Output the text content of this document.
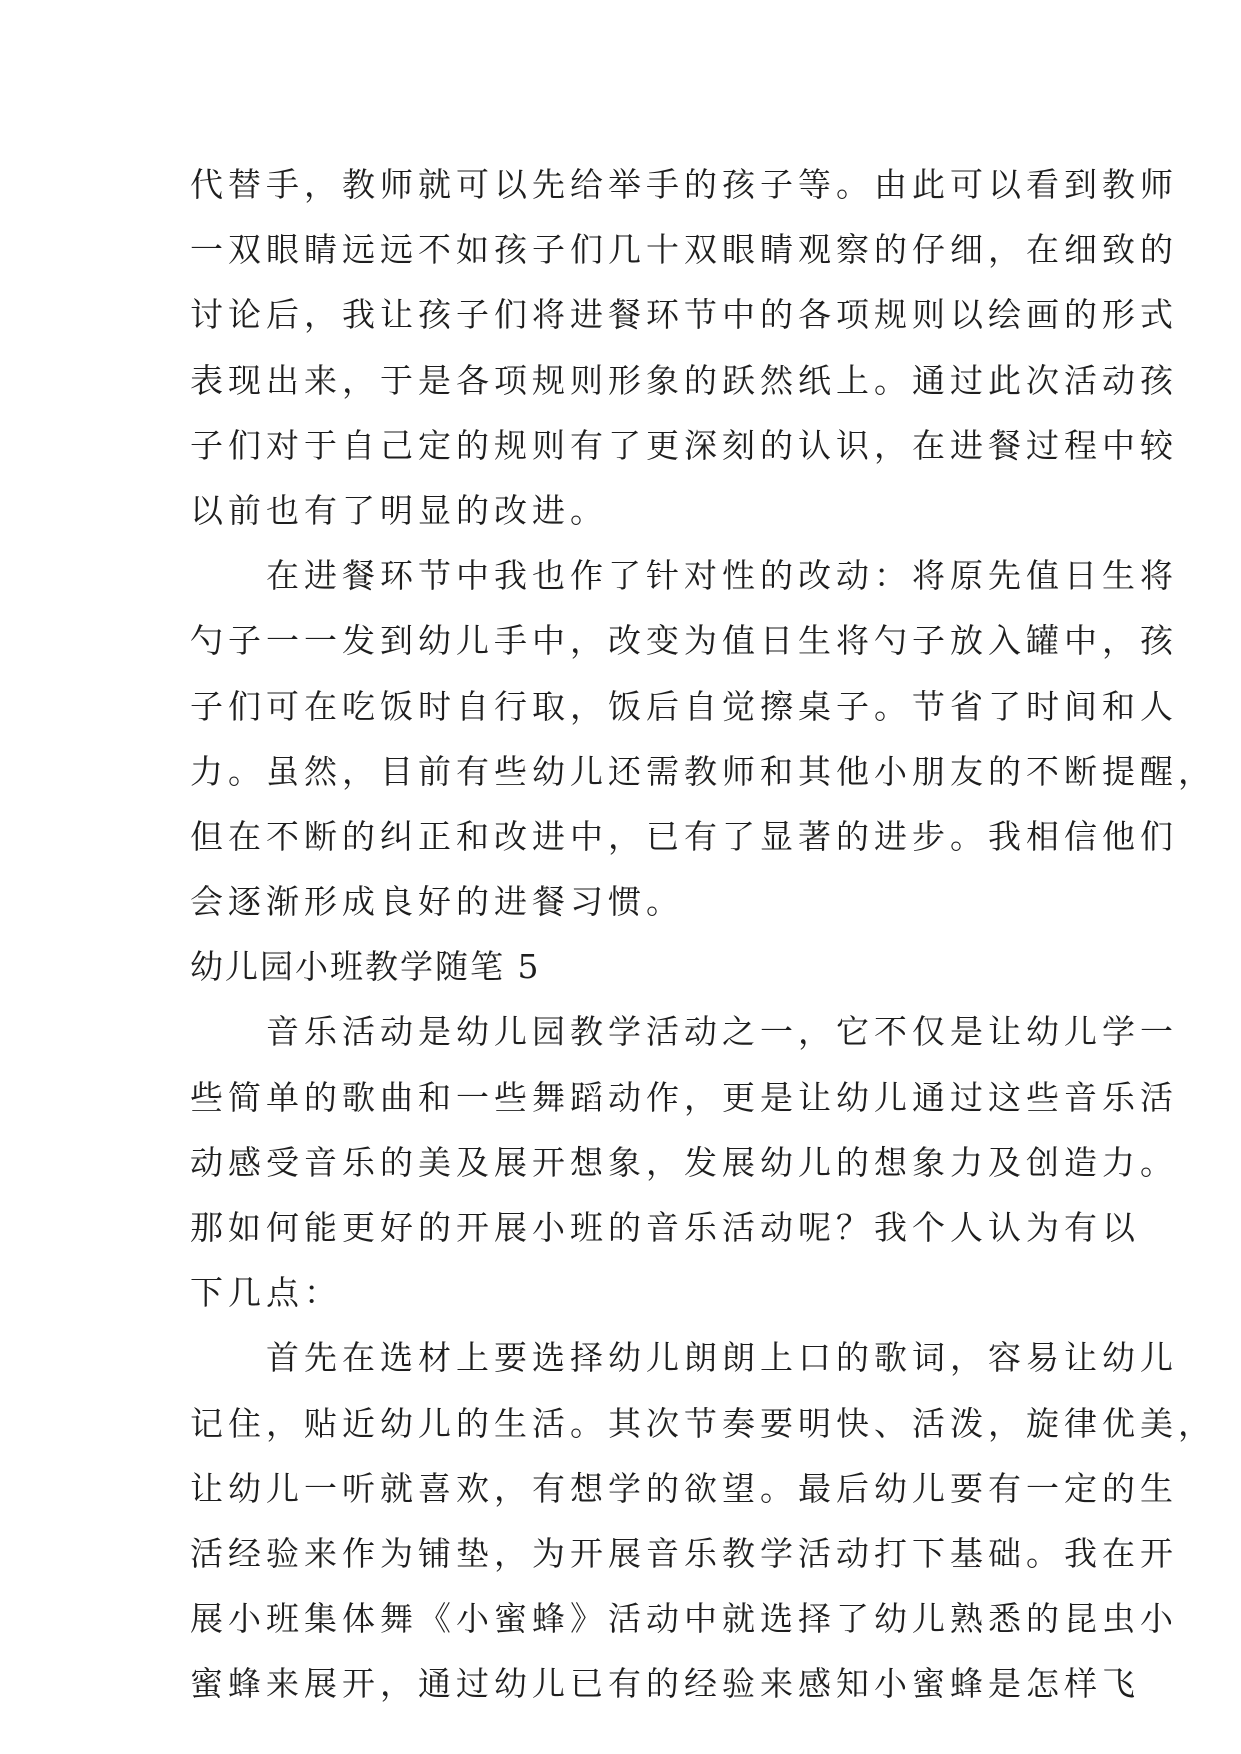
代替手，教师就可以先给举手的孩子等。由此可以看到教师
一双眼睛远远不如孩子们几十双眼睛观察的仔细，在细致的
讨论后，我让孩子们将进餐环节中的各项规则以绘画的形式
表现出来，于是各项规则形象的跃然纸上。通过此次活动孩
子们对于自己定的规则有了更深刻的认识，在进餐过程中较
以前也有了明显的改进。
　　在进餐环节中我也作了针对性的改动：将原先值日生将
勺子一一发到幼儿手中，改变为值日生将勺子放入罐中，孩
子们可在吃饭时自行取，饭后自觉擦桌子。节省了时间和人
力。虽然，目前有些幼儿还需教师和其他小朋友的不断提醒，
但在不断的纠正和改进中，已有了显著的进步。我相信他们
会逐渐形成良好的进餐习惯。
幼儿园小班教学随笔 5
　　音乐活动是幼儿园教学活动之一，它不仅是让幼儿学一
些简单的歌曲和一些舞蹈动作，更是让幼儿通过这些音乐活
动感受音乐的美及展开想象，发展幼儿的想象力及创造力。
那如何能更好的开展小班的音乐活动呢？我个人认为有以
下几点：
　　首先在选材上要选择幼儿朗朗上口的歌词，容易让幼儿
记住，贴近幼儿的生活。其次节奏要明快、活泼，旋律优美，
让幼儿一听就喜欢，有想学的欲望。最后幼儿要有一定的生
活经验来作为铺垫，为开展音乐教学活动打下基础。我在开
展小班集体舞《小蜜蜂》活动中就选择了幼儿熟悉的昆虫小
蜜蜂来展开，通过幼儿已有的经验来感知小蜜蜂是怎样飞
